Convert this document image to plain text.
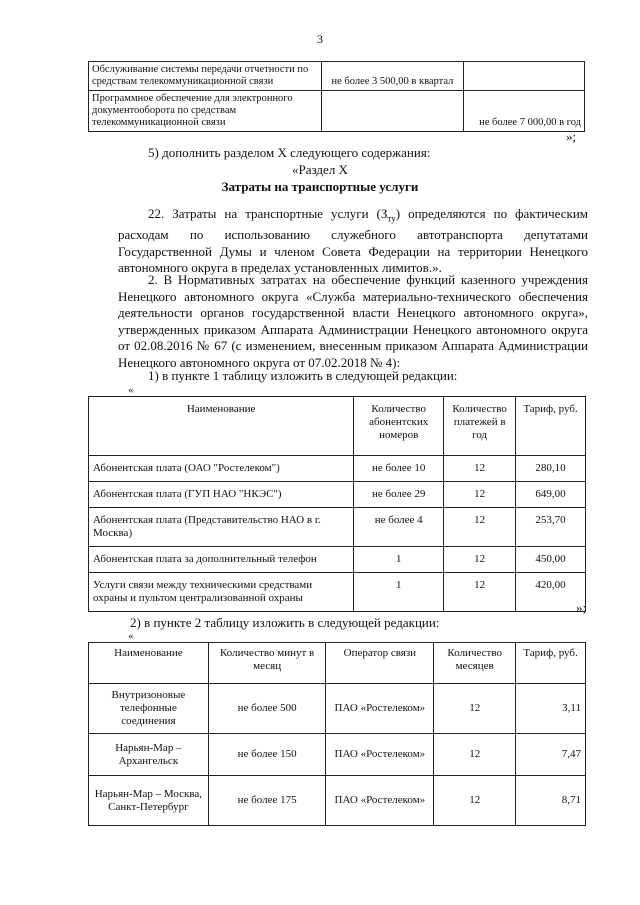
3
Обслуживание системы передачи отчетности по средствам телекоммуникационной связи	не более 3 500,00 в квартал	
Программное обеспечение для электронного документооборота по средствам телекоммуникационной связи		не более 7 000,00 в год
»;
5) дополнить разделом X следующего содержания:
«Раздел X
Затраты на транспортные услуги
22. Затраты на транспортные услуги $(З_{ту})$ определяются по фактическим расходам по использованию служебного автотранспорта депутатами Государственной Думы и членом Совета Федерации на территории Ненецкого автономного округа в пределах установленных лимитов.».
2. В Нормативных затратах на обеспечение функций казенного учреждения Ненецкого автономного округа «Служба материально-технического обеспечения деятельности органов государственной власти Ненецкого автономного округа», утвержденных приказом Аппарата Администрации Ненецкого автономного округа от 02.08.2016 № 67 (с изменением, внесенным приказом Аппарата Администрации Ненецкого автономного округа от 07.02.2018 № 4):
1) в пункте 1 таблицу изложить в следующей редакции:
«
Наименование	Количество абонентских номеров	Количество платежей в год	Тариф, руб.
Абонентская плата (ОАО "Ростелеком")	не более 10	12	280,10
Абонентская плата (ГУП НАО "НКЭС")	не более 29	12	649,00
Абонентская плата (Представительство НАО в г. Москва)	не более 4	12	253,70
Абонентская плата за дополнительный телефон	1	12	450,00
Услуги связи между техническими средствами охраны и пультом централизованной охраны	1	12	420,00
»;
2) в пункте 2 таблицу изложить в следующей редакции:
«
Наименование	Количество минут в месяц	Оператор связи	Количество месяцев	Тариф, руб.
Внутризоновые телефонные соединения	не более 500	ПАО «Ростелеком»	12	3,11
Нарьян-Мар – Архангельск	не более 150	ПАО «Ростелеком»	12	7,47
Нарьян-Мар – Москва, Санкт-Петербург	не более 175	ПАО «Ростелеком»	12	8,71
